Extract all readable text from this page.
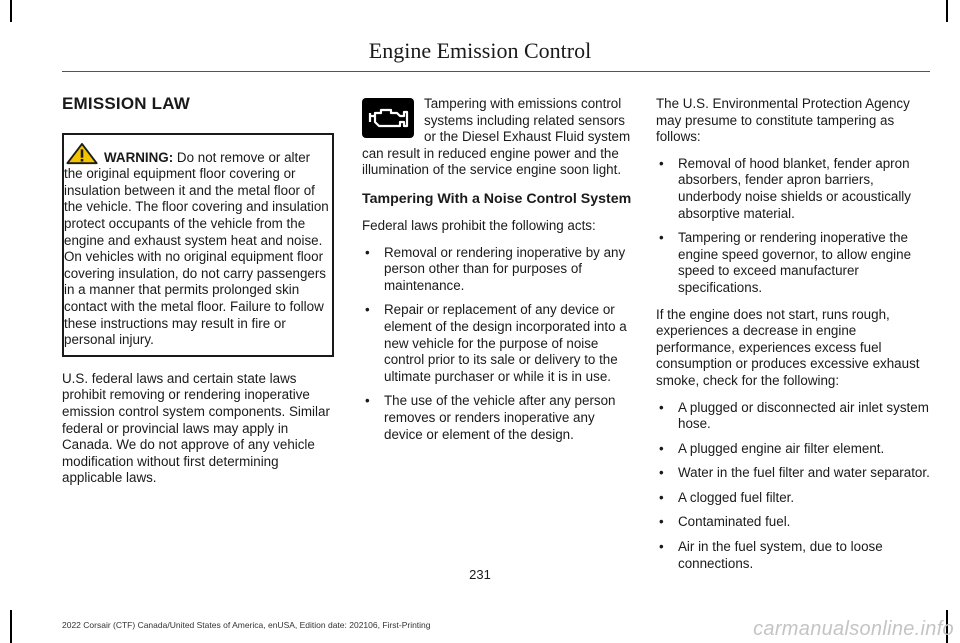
Engine Emission Control
EMISSION LAW

WARNING: Do not remove or alter the original equipment floor covering or insulation between it and the metal floor of the vehicle. The floor covering and insulation protect occupants of the vehicle from the engine and exhaust system heat and noise. On vehicles with no original equipment floor covering insulation, do not carry passengers in a manner that permits prolonged skin contact with the metal floor. Failure to follow these instructions may result in fire or personal injury.

U.S. federal laws and certain state laws prohibit removing or rendering inoperative emission control system components. Similar federal or provincial laws may apply in Canada. We do not approve of any vehicle modification without first determining applicable laws.

Tampering with emissions control systems including related sensors or the Diesel Exhaust Fluid system can result in reduced engine power and the illumination of the service engine soon light.

Tampering With a Noise Control System

Federal laws prohibit the following acts:

• Removal or rendering inoperative by any person other than for purposes of maintenance.
• Repair or replacement of any device or element of the design incorporated into a new vehicle for the purpose of noise control prior to its sale or delivery to the ultimate purchaser or while it is in use.
• The use of the vehicle after any person removes or renders inoperative any device or element of the design.

The U.S. Environmental Protection Agency may presume to constitute tampering as follows:

• Removal of hood blanket, fender apron absorbers, fender apron barriers, underbody noise shields or acoustically absorptive material.
• Tampering or rendering inoperative the engine speed governor, to allow engine speed to exceed manufacturer specifications.

If the engine does not start, runs rough, experiences a decrease in engine performance, experiences excess fuel consumption or produces excessive exhaust smoke, check for the following:

• A plugged or disconnected air inlet system hose.
• A plugged engine air filter element.
• Water in the fuel filter and water separator.
• A clogged fuel filter.
• Contaminated fuel.
• Air in the fuel system, due to loose connections.
231
2022 Corsair (CTF) Canada/United States of America, enUSA, Edition date: 202106, First-Printing	carmanualsonline.info
